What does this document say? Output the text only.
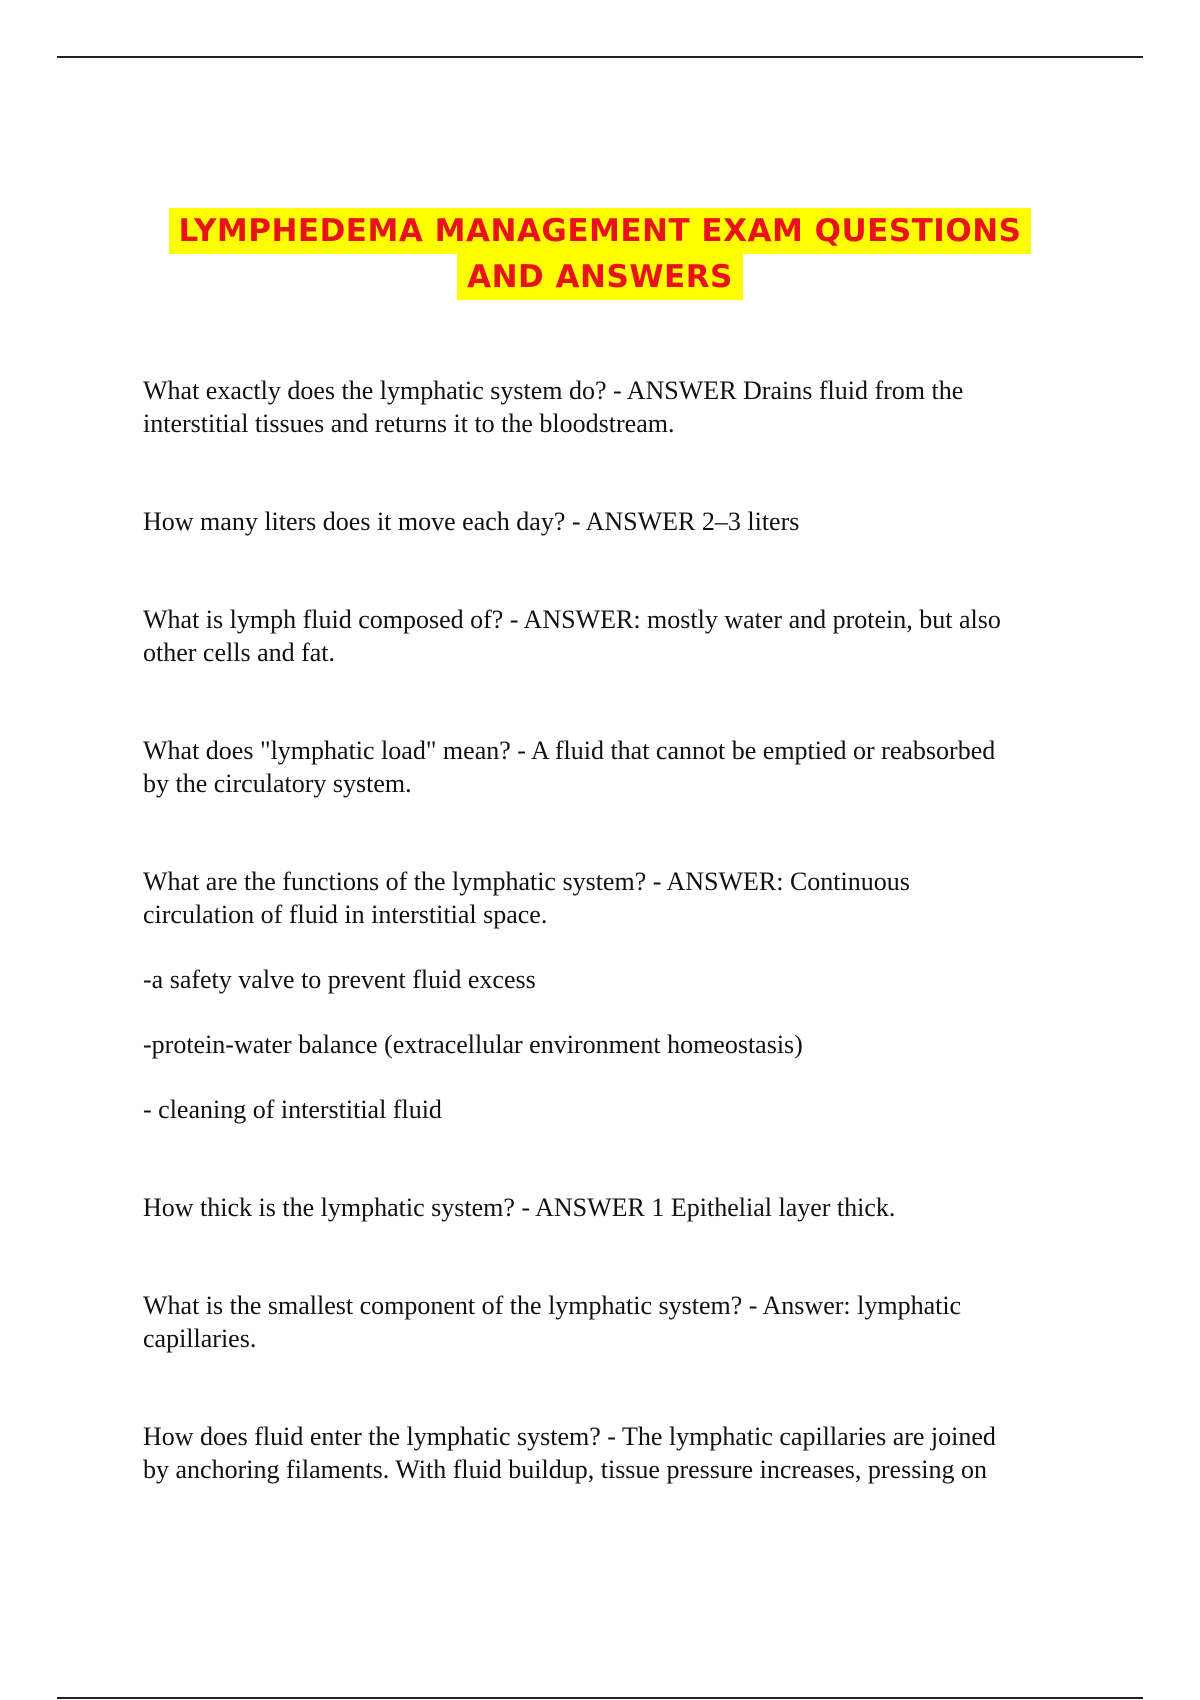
LYMPHEDEMA MANAGEMENT EXAM QUESTIONS
AND ANSWERS

What exactly does the lymphatic system do? - ANSWER Drains fluid from the
interstitial tissues and returns it to the bloodstream.

How many liters does it move each day? - ANSWER 2–3 liters

What is lymph fluid composed of? - ANSWER: mostly water and protein, but also
other cells and fat.

What does "lymphatic load" mean? - A fluid that cannot be emptied or reabsorbed
by the circulatory system.

What are the functions of the lymphatic system? - ANSWER: Continuous
circulation of fluid in interstitial space.

-a safety valve to prevent fluid excess

-protein-water balance (extracellular environment homeostasis)

- cleaning of interstitial fluid

How thick is the lymphatic system? - ANSWER 1 Epithelial layer thick.

What is the smallest component of the lymphatic system? - Answer: lymphatic
capillaries.

How does fluid enter the lymphatic system? - The lymphatic capillaries are joined
by anchoring filaments. With fluid buildup, tissue pressure increases, pressing on
